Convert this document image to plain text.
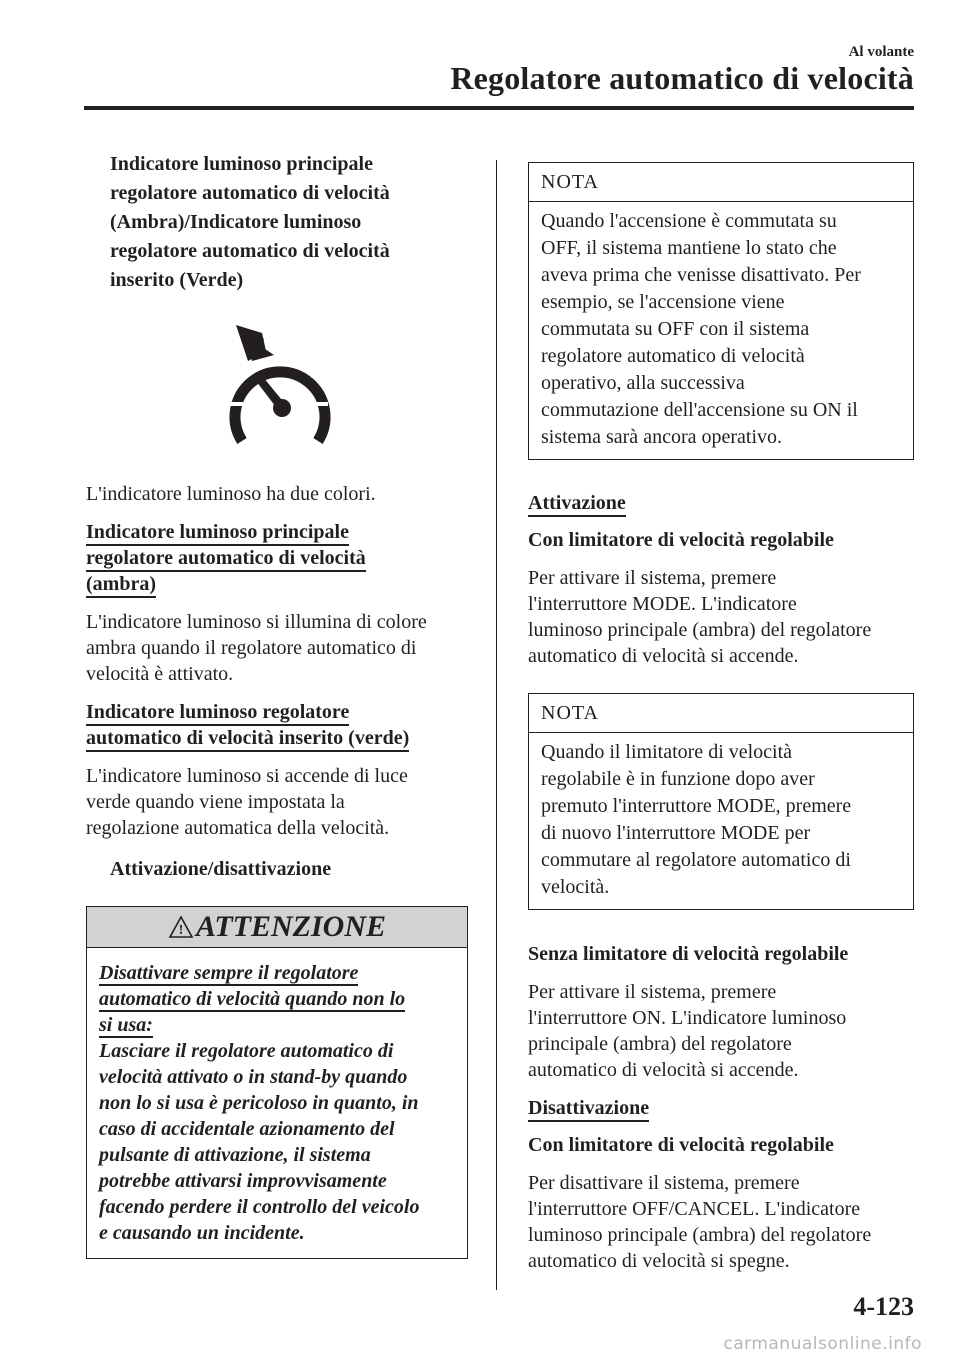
Al volante
Regolatore automatico di velocità

Indicatore luminoso principale

regolatore automatico di velocità

(Ambra)/Indicatore luminoso

regolatore automatico di velocità

inserito (Verde)

L'indicatore luminoso ha due colori.

Indicatore luminoso principale

regolatore automatico di velocità

(ambra)

L'indicatore luminoso si illumina di colore

ambra quando il regolatore automatico di

velocità è attivato.

Indicatore luminoso regolatore

automatico di velocità inserito (verde)

L'indicatore luminoso si accende di luce

verde quando viene impostata la

regolazione automatica della velocità.

Attivazione/disattivazione

! ATTENZIONE

Disattivare sempre il regolatore

automatico di velocità quando non lo

si usa:

Lasciare il regolatore automatico di

velocità attivato o in stand-by quando

non lo si usa è pericoloso in quanto, in

caso di accidentale azionamento del

pulsante di attivazione, il sistema

potrebbe attivarsi improvvisamente

facendo perdere il controllo del veicolo

e causando un incidente.

NOTA

Quando l'accensione è commutata su

OFF, il sistema mantiene lo stato che

aveva prima che venisse disattivato. Per

esempio, se l'accensione viene

commutata su OFF con il sistema

regolatore automatico di velocità

operativo, alla successiva

commutazione dell'accensione su ON il

sistema sarà ancora operativo.

Attivazione

Con limitatore di velocità regolabile

Per attivare il sistema, premere

l'interruttore MODE. L'indicatore

luminoso principale (ambra) del regolatore

automatico di velocità si accende.

NOTA

Quando il limitatore di velocità

regolabile è in funzione dopo aver

premuto l'interruttore MODE, premere

di nuovo l'interruttore MODE per

commutare al regolatore automatico di

velocità.

Senza limitatore di velocità regolabile

Per attivare il sistema, premere

l'interruttore ON. L'indicatore luminoso

principale (ambra) del regolatore

automatico di velocità si accende.

Disattivazione

Con limitatore di velocità regolabile

Per disattivare il sistema, premere

l'interruttore OFF/CANCEL. L'indicatore

luminoso principale (ambra) del regolatore

automatico di velocità si spegne.

4-123
carmanualsonline.info
